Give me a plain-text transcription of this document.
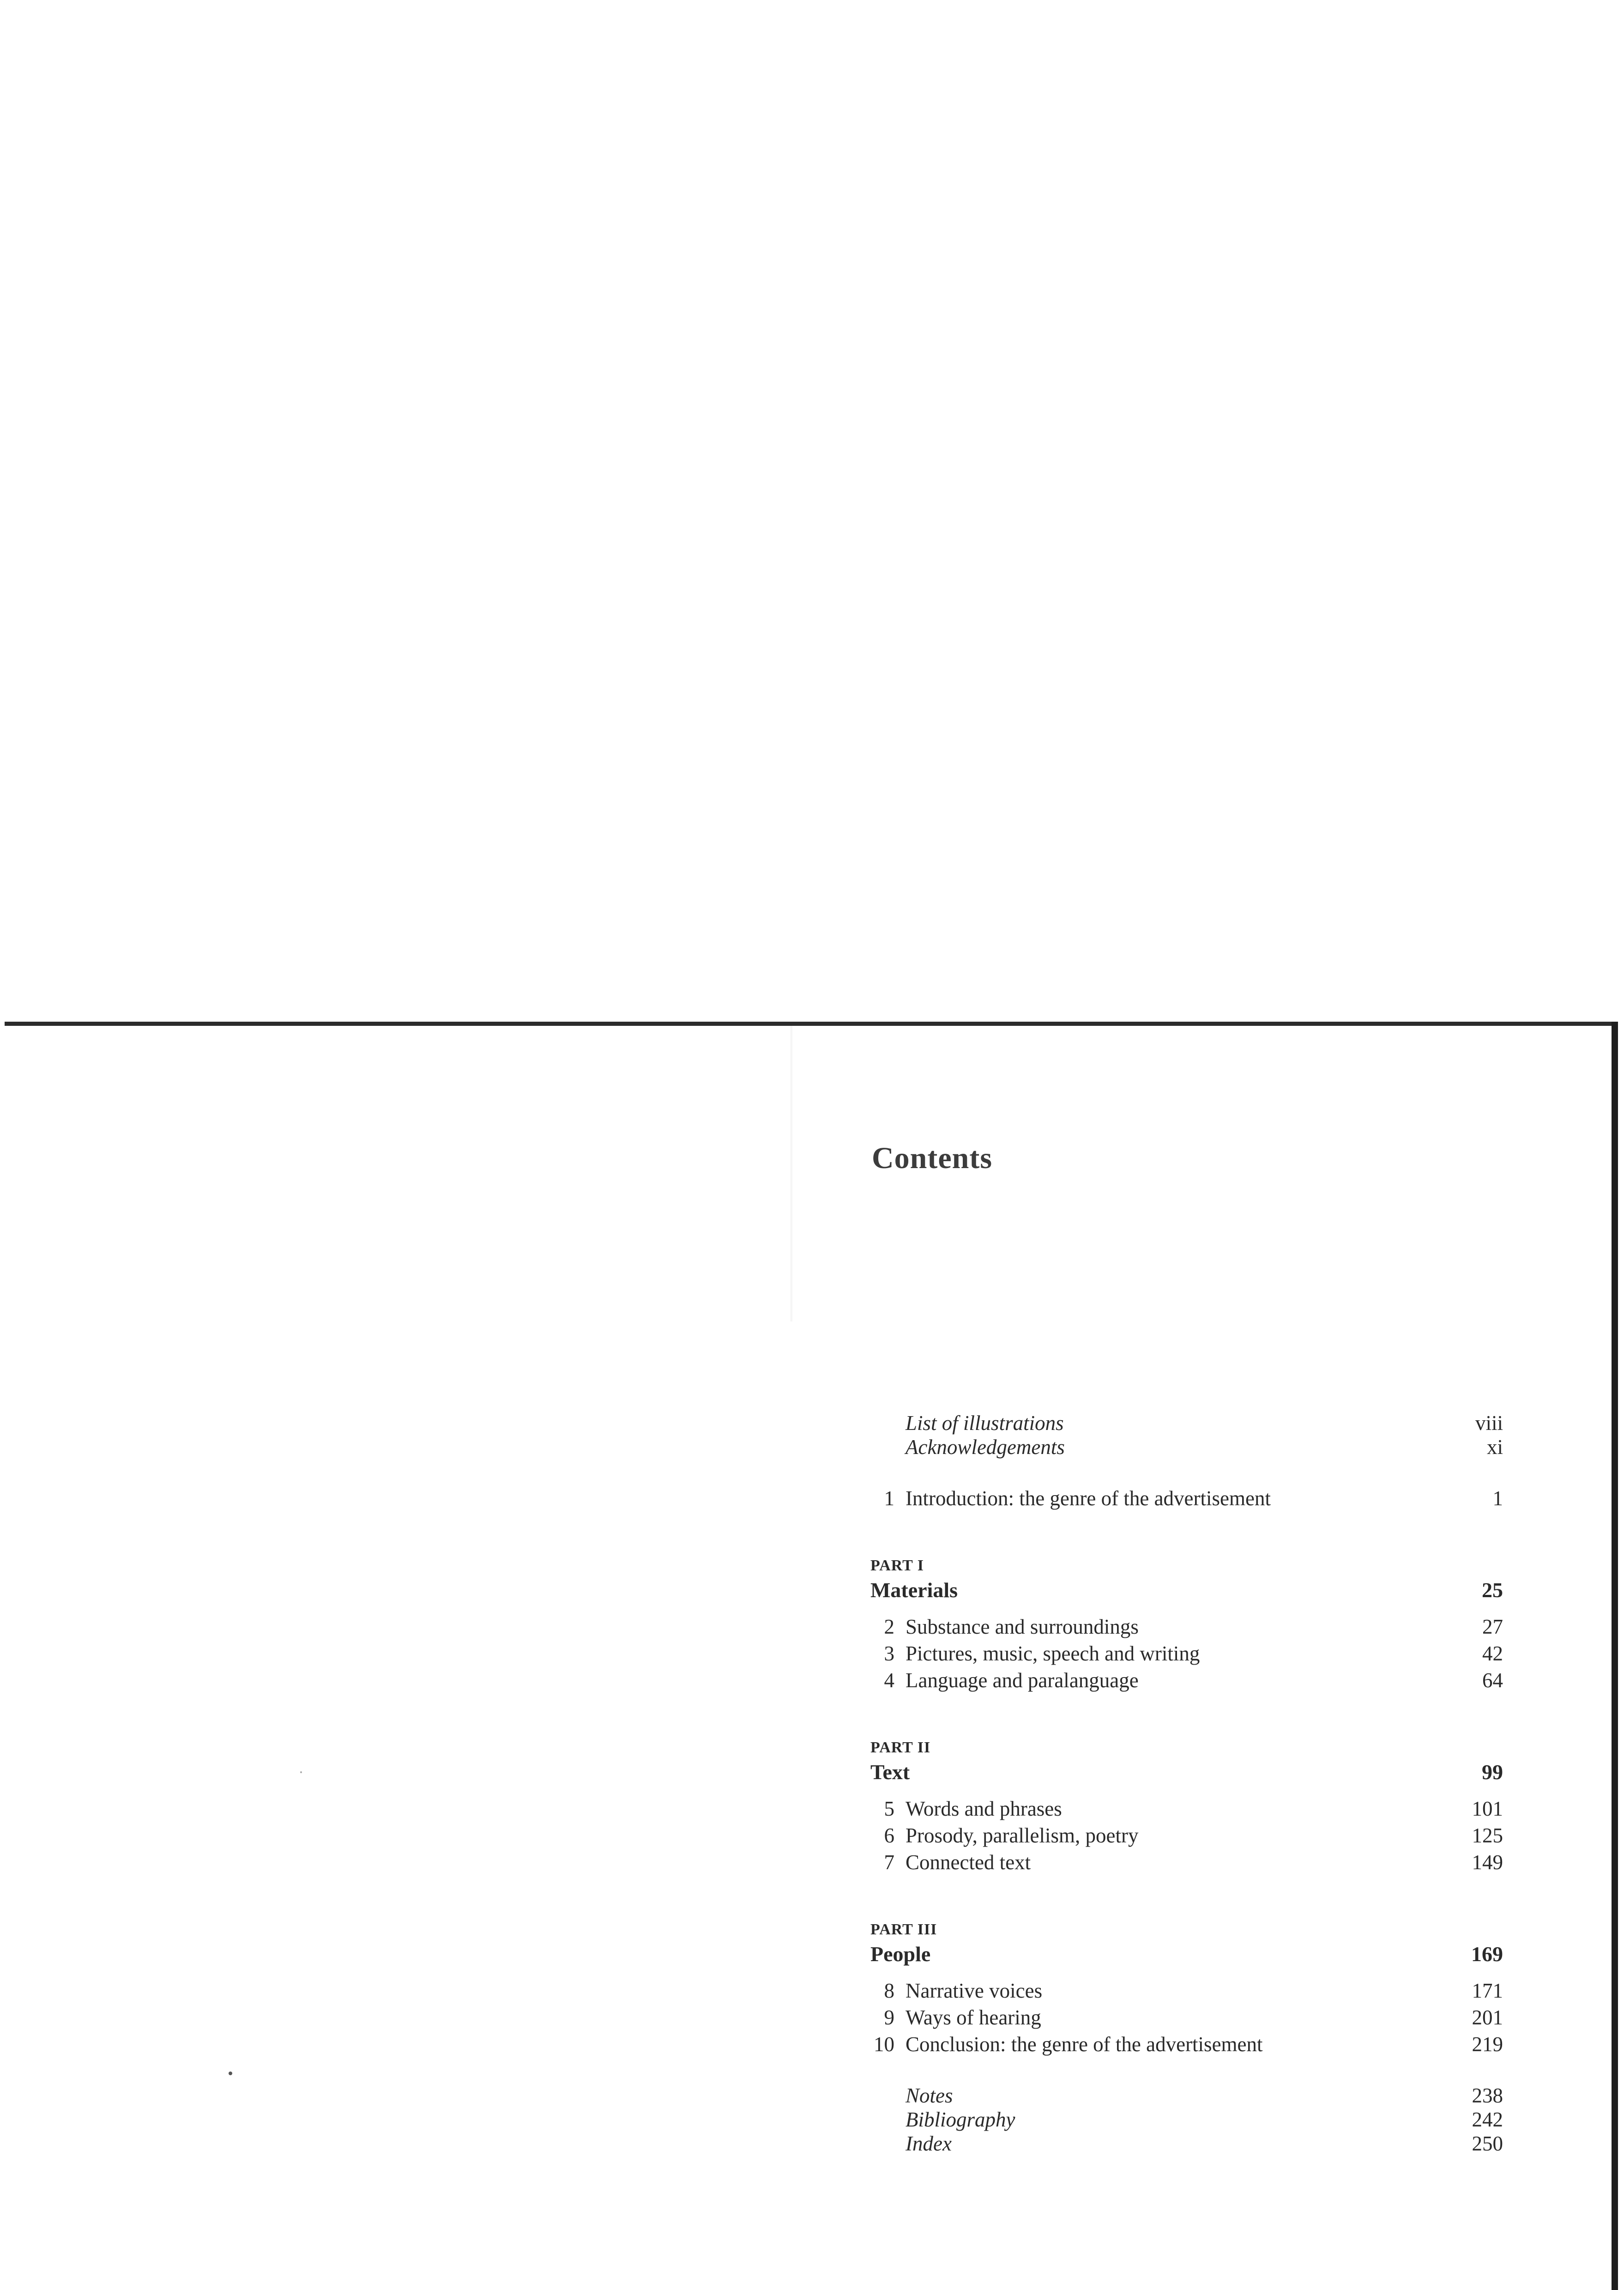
Contents
List of illustrations	viii
Acknowledgements	xi
1 Introduction: the genre of the advertisement	1
PART I
Materials	25
2 Substance and surroundings	27
3 Pictures, music, speech and writing	42
4 Language and paralanguage	64
PART II
Text	99
5 Words and phrases	101
6 Prosody, parallelism, poetry	125
7 Connected text	149
PART III
People	169
8 Narrative voices	171
9 Ways of hearing	201
10 Conclusion: the genre of the advertisement	219
Notes	238
Bibliography	242
Index	250
